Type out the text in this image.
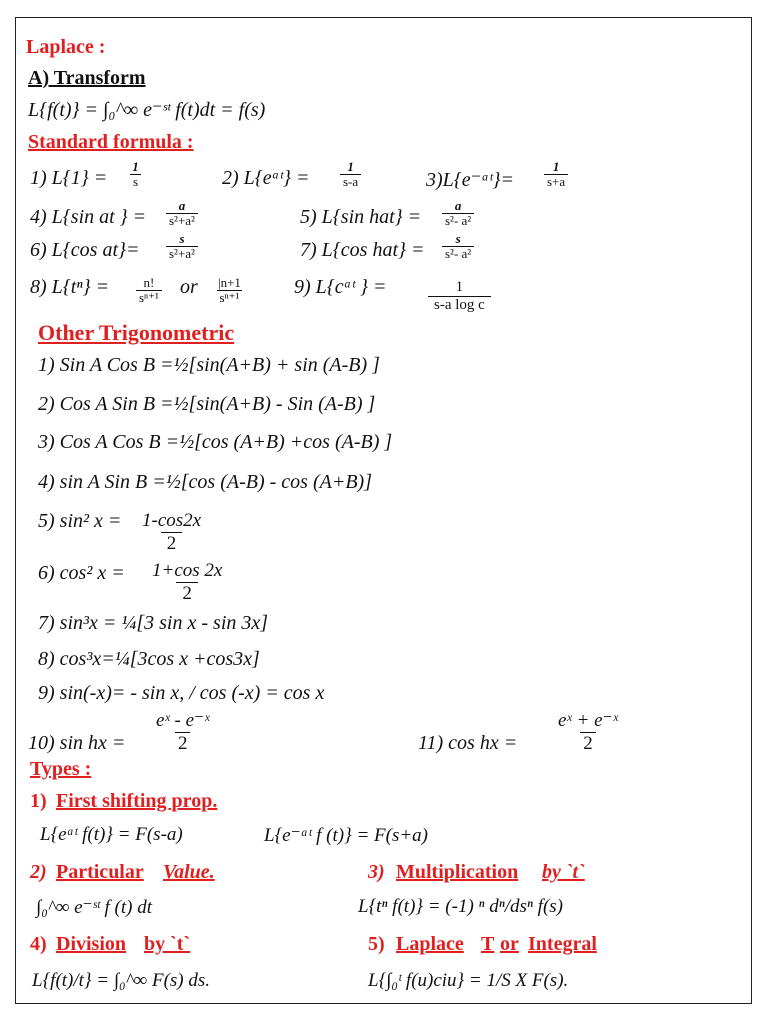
Laplace :
A) Transform
L{f(t)} = ∫₀^∞ e⁻ˢᵗ f(t)dt = f(s)
Standard formula :
1) $L\{1\} = \frac{1}{s}$	2) L{eᵃᵗ} = $\frac{1}{s-a}$	3)L{e⁻ᵃᵗ}= $\frac{1}{s+a}$
4) L{sin at } = $\frac{a}{\text{s²+a²}}$	5) L{sin $hat\} = \frac{a}{\text{s²- a²}}$
6) L{cos $at\}= \frac{s}{\text{s²+a²}}$	7) L{cos $hat\} = \frac{s}{\text{s²- a²}}$
8) $L\{t^n\} = \frac{n!}{\text{sⁿ⁺¹}}$ or $\frac{|n+1}{\text{sⁿ⁺¹}}$	9) L{cᵃᵗ } =	$\frac{1}{\text{s-a log c}}$
Other Trigonometric
1) Sin A Cos B =½[sin(A+B) + sin (A-B) ]
2) Cos A Sin B =½[sin(A+B) - Sin (A-B) ]
3) Cos A Cos B =½[cos (A+B) +cos (A-B) ]
4) sin A Sin B =½[cos (A-B) - cos (A+B)]
5) sin² $x = \frac{1-\cos 2x}{2}$
6) cos² $x = \frac{1+\cos 2x}{2}$
7) sin³x = ¼[3 sin x - sin 3x]
8) cos³x=¼[3cos x +cos3x]
9) sin(-x)= - sin x, / cos (-x) = cos x
10) sin hx = $\frac{\text{eˣ - e⁻ˣ}}{2}$	11) cos hx = $\frac{\text{eˣ + e⁻ˣ}}{2}$
Types :
1) First shifting prop.
L{eᵃᵗ f(t)} = F(s-a)	L{e⁻ᵃᵗ f (t)} = F(s+a)
2) Particular Value.
∫₀^∞ e⁻ˢᵗ f (t) dt
3) Multiplication by `t`
L{tⁿ f(t)} = (-1) ⁿ dⁿ/dsⁿ f(s)
4) Division by `t`
L{f(t)/t} = ∫₀^∞ F(s) ds.
5) Laplace T or Integral
L{∫₀ᵗ f(u)ciu} = 1/S X F(s).
